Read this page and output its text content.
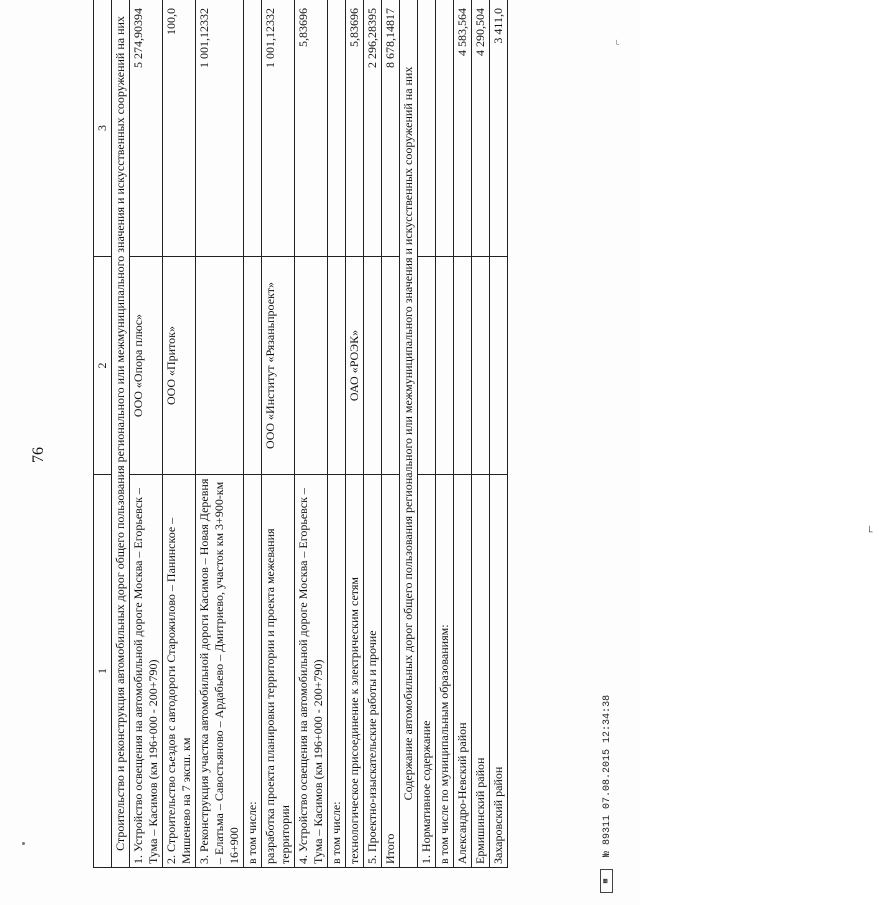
76
1	2	3
Строительство и реконструкция автомобильных дорог общего пользования регионального или межмуниципального значения и искусственных сооружений на них		
1. Устройство освещения на автомобильной дороге Москва – Егорьевск – Тума – Касимов (км 196+000 - 200+790)	ООО «Опора плюс»	5 274,90394
2. Строительство съездов с автодороги Старожилово – Панинское – Мишенево на 7 эксш. км	ООО «Приток»	100,0
3. Реконструкция участка автомобильной дороги Касимов – Новая Деревня – Елатьма – Савостьяново – Ардабьево – Дмитриево, участок км 3+900-км 16+900		1 001,12332
в том числе:		
разработка проекта планировки территории и проекта межевания территории	ООО «Институт «Рязаньпроект»	1 001,12332
4. Устройство освещения на автомобильной дороге Москва – Егорьевск – Тума – Касимов (км 196+000 - 200+790)		5,83696
в том числе:		
технологическое присоединение к электрическим сетям	ОАО «РОЭК»	5,83696
5. Проектно-изыскательские работы и прочие		2 296,28395
Итого		8 678,14817
Содержание автомобильных дорог общего пользования регионального или межмуниципального значения и искусственных сооружений на них		
1. Нормативное содержание		
в том числе по муниципальным образованиям:		
Александро-Невский район		4 583,564
Ермишинский район		4 290,504
Захаровский район		3 411,0
▦ № 89311 07.08.2015 12:34:38
⌐
⌐
